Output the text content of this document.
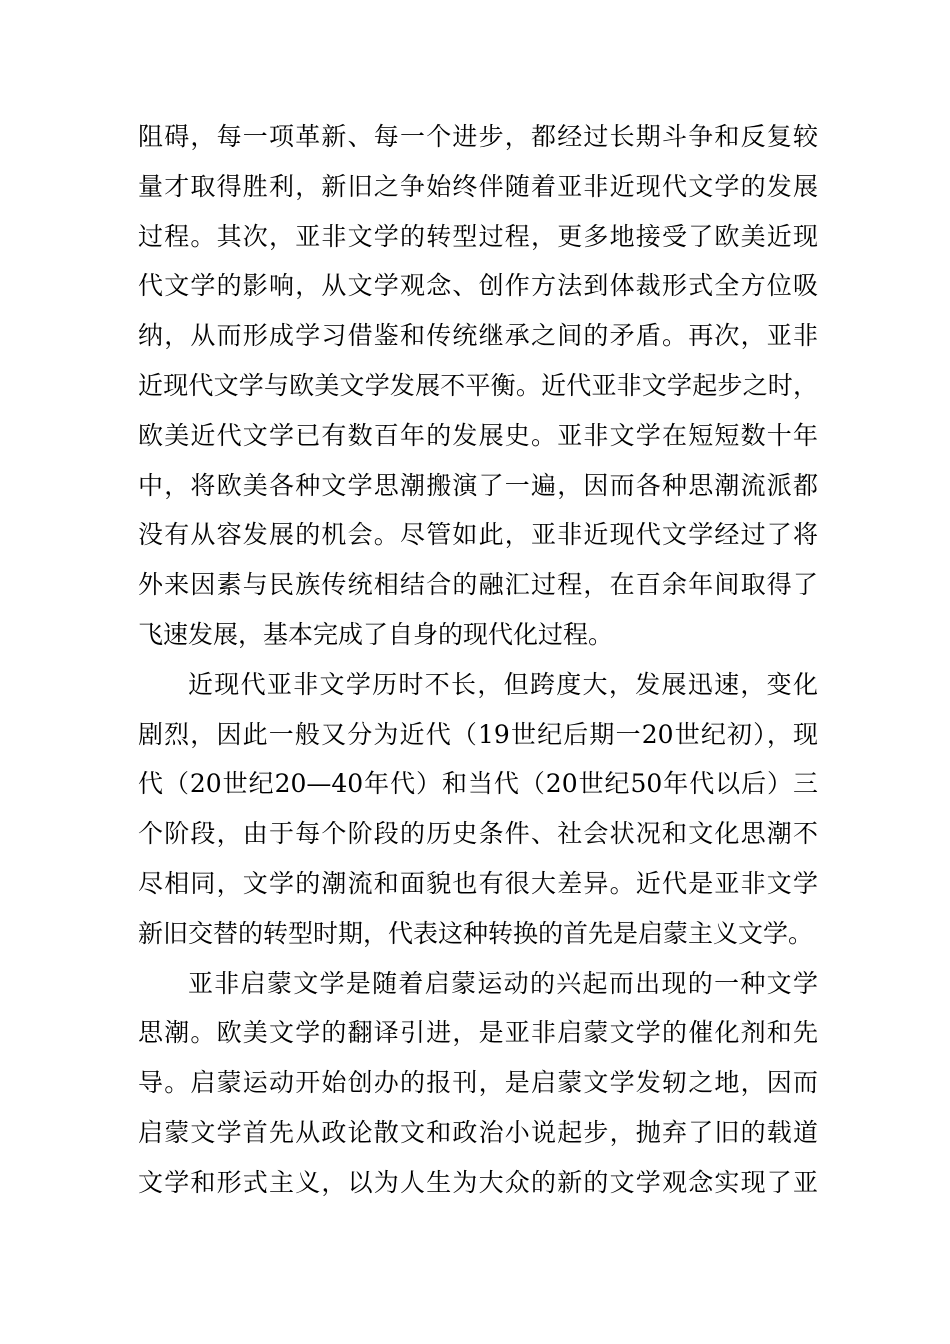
阻碍，每一项革新、每一个进步，都经过长期斗争和反复较
量才取得胜利，新旧之争始终伴随着亚非近现代文学的发展
过程。其次，亚非文学的转型过程，更多地接受了欧美近现
代文学的影响，从文学观念、创作方法到体裁形式全方位吸
纳，从而形成学习借鉴和传统继承之间的矛盾。再次，亚非
近现代文学与欧美文学发展不平衡。近代亚非文学起步之时，
欧美近代文学已有数百年的发展史。亚非文学在短短数十年
中，将欧美各种文学思潮搬演了一遍，因而各种思潮流派都
没有从容发展的机会。尽管如此，亚非近现代文学经过了将
外来因素与民族传统相结合的融汇过程，在百余年间取得了
飞速发展，基本完成了自身的现代化过程。
近现代亚非文学历时不长，但跨度大，发展迅速，变化
剧烈，因此一般又分为近代（19世纪后期一20世纪初），现
代（20世纪20—40年代）和当代（20世纪50年代以后）三
个阶段，由于每个阶段的历史条件、社会状况和文化思潮不
尽相同，文学的潮流和面貌也有很大差异。近代是亚非文学
新旧交替的转型时期，代表这种转换的首先是启蒙主义文学。
亚非启蒙文学是随着启蒙运动的兴起而出现的一种文学
思潮。欧美文学的翻译引进，是亚非启蒙文学的催化剂和先
导。启蒙运动开始创办的报刊，是启蒙文学发轫之地，因而
启蒙文学首先从政论散文和政治小说起步，抛弃了旧的载道
文学和形式主义，以为人生为大众的新的文学观念实现了亚
